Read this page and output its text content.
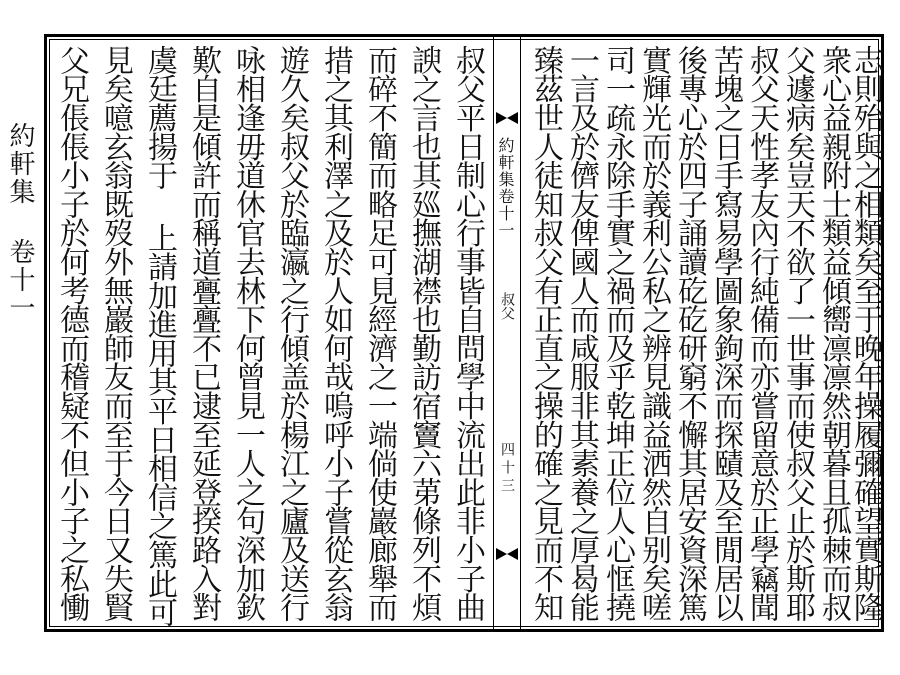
約軒集 卷十一 父兄倀倀小子於何考德而稽疑不但小子之私慟 見矣噫玄翁既歿外無巖師友而至于今日又失賢 虞廷薦揚于 上請加進用其平日相信之篤此可 歎自是傾許而稱道亹亹不已逮至延登揆路入對 咏相逢毋道休官去林下何曾見一人之句深加欽 遊久矣叔父於臨瀛之行傾盖於楊江之廬及送行 措之其利澤之及於人如何哉嗚呼小子嘗從玄翁 而碎不簡而略足可見經濟之一端倘使巖廊舉而 諛之言也其廵撫湖襟也勤訪宿竇六苐條列不煩 叔父平日制心行事皆自問學中流出此非小子曲 約軒集卷十一
叔父
四十三 臻茲世人徒知叔父有正直之操的確之見而不知 一言及於儕友俾國人而咸服非其素養之厚曷能 司一疏永除手實之禍而及乎乾坤正位人心恇撓 實輝光而於義利公私之辨見識益洒然自别矣嗟 後專心於四子誦讀矻矻研窮不懈其居安資深篤 苦塊之日手寫易學圖象鉤深而探賾及至閒居以 叔父天性孝友內行純備而亦嘗留意於正學竊聞 父遽病矣豈天不欲了一世事而使叔父止於斯耶 衆心益親附士類益傾嚮凛凛然朝暮且孤棘而叔
志則殆與之相類矣至于晚年操履彌確望實斯隆
